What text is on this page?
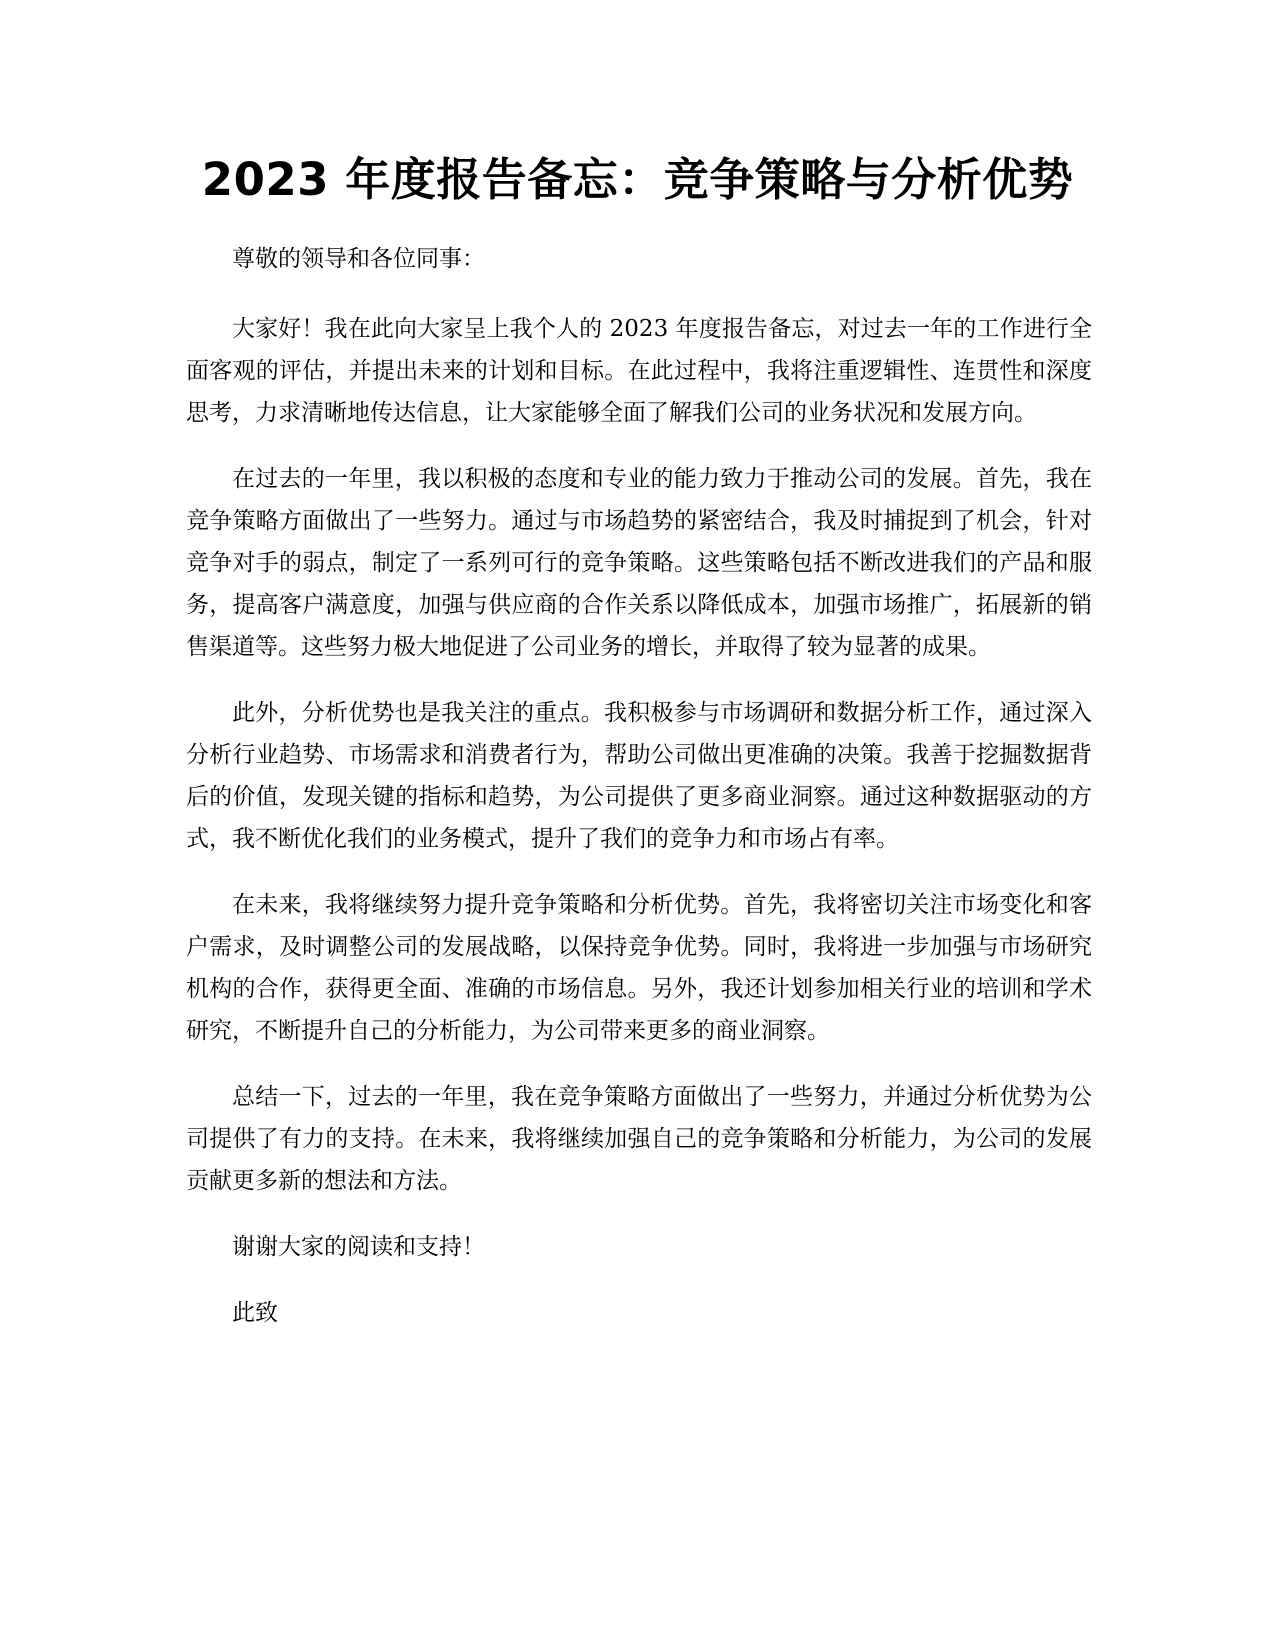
2023 年度报告备忘：竞争策略与分析优势

尊敬的领导和各位同事：

大家好！我在此向大家呈上我个人的 2023 年度报告备忘，对过去一年的工作进行全面客观的评估，并提出未来的计划和目标。在此过程中，我将注重逻辑性、连贯性和深度思考，力求清晰地传达信息，让大家能够全面了解我们公司的业务状况和发展方向。

在过去的一年里，我以积极的态度和专业的能力致力于推动公司的发展。首先，我在竞争策略方面做出了一些努力。通过与市场趋势的紧密结合，我及时捕捉到了机会，针对竞争对手的弱点，制定了一系列可行的竞争策略。这些策略包括不断改进我们的产品和服务，提高客户满意度，加强与供应商的合作关系以降低成本，加强市场推广，拓展新的销售渠道等。这些努力极大地促进了公司业务的增长，并取得了较为显著的成果。

此外，分析优势也是我关注的重点。我积极参与市场调研和数据分析工作，通过深入分析行业趋势、市场需求和消费者行为，帮助公司做出更准确的决策。我善于挖掘数据背后的价值，发现关键的指标和趋势，为公司提供了更多商业洞察。通过这种数据驱动的方式，我不断优化我们的业务模式，提升了我们的竞争力和市场占有率。

在未来，我将继续努力提升竞争策略和分析优势。首先，我将密切关注市场变化和客户需求，及时调整公司的发展战略，以保持竞争优势。同时，我将进一步加强与市场研究机构的合作，获得更全面、准确的市场信息。另外，我还计划参加相关行业的培训和学术研究，不断提升自己的分析能力，为公司带来更多的商业洞察。

总结一下，过去的一年里，我在竞争策略方面做出了一些努力，并通过分析优势为公司提供了有力的支持。在未来，我将继续加强自己的竞争策略和分析能力，为公司的发展贡献更多新的想法和方法。

谢谢大家的阅读和支持！

此致
